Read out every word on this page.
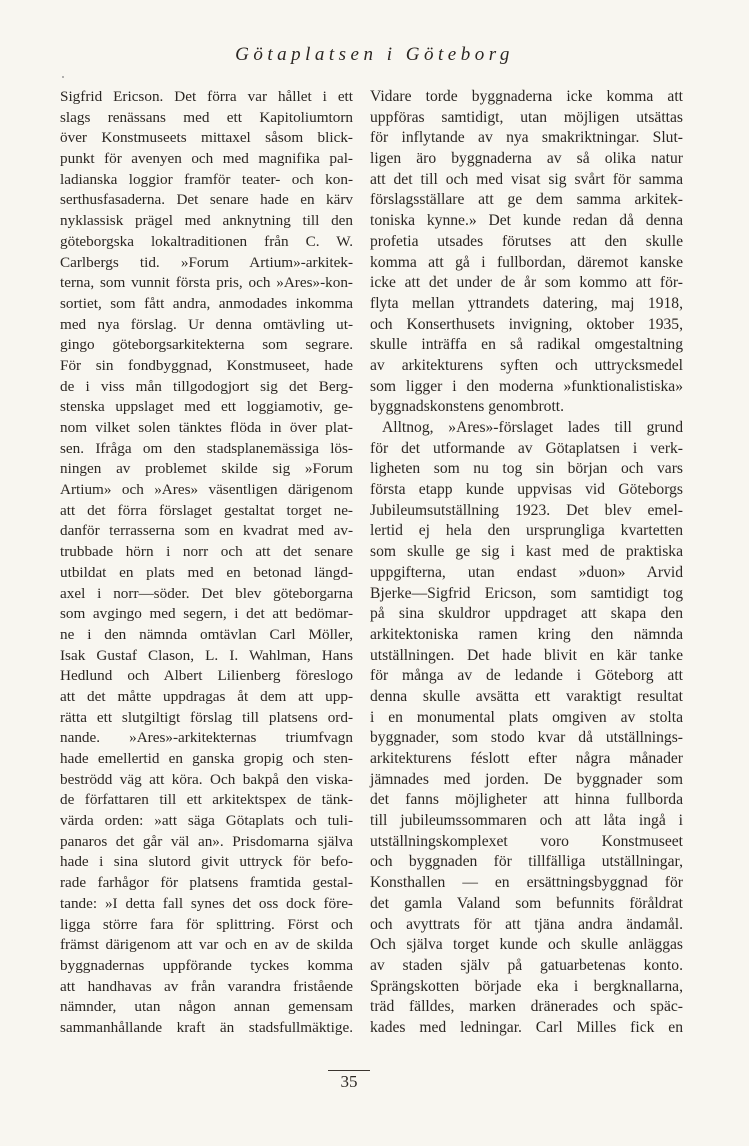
Götaplatsen i Göteborg
Sigfrid Ericson. Det förra var hållet i ett
slags renässans med ett Kapitoliumtorn
över Konstmuseets mittaxel såsom blick-
punkt för avenyen och med magnifika pal-
ladianska loggior framför teater- och kon-
serthusfasaderna. Det senare hade en kärv
nyklassisk prägel med anknytning till den
göteborgska lokaltraditionen från C. W.
Carlbergs tid. »Forum Artium»-arkitek-
terna, som vunnit första pris, och »Ares»-kon-
sortiet, som fått andra, anmodades inkomma
med nya förslag. Ur denna omtävling ut-
gingo göteborgsarkitekterna som segrare.
För sin fondbyggnad, Konstmuseet, hade
de i viss mån tillgodogjort sig det Berg-
stenska uppslaget med ett loggiamotiv, ge-
nom vilket solen tänktes flöda in över plat-
sen. Ifråga om den stadsplanemässiga lös-
ningen av problemet skilde sig »Forum
Artium» och »Ares» väsentligen därigenom
att det förra förslaget gestaltat torget ne-
danför terrasserna som en kvadrat med av-
trubbade hörn i norr och att det senare
utbildat en plats med en betonad längd-
axel i norr—söder. Det blev göteborgarna
som avgingo med segern, i det att bedömar-
ne i den nämnda omtävlan Carl Möller,
Isak Gustaf Clason, L. I. Wahlman, Hans
Hedlund och Albert Lilienberg föreslogo
att det måtte uppdragas åt dem att upp-
rätta ett slutgiltigt förslag till platsens ord-
nande. »Ares»-arkitekternas triumfvagn
hade emellertid en ganska gropig och sten-
beströdd väg att köra. Och bakpå den viska-
de författaren till ett arkitektspex de tänk-
värda orden: »att säga Götaplats och tuli-
panaros det går väl an». Prisdomarna själva
hade i sina slutord givit uttryck för befo-
rade farhågor för platsens framtida gestal-
tande: »I detta fall synes det oss dock före-
ligga större fara för splittring. Först och
främst därigenom att var och en av de skilda
byggnadernas uppförande tyckes komma
att handhavas av från varandra fristående
nämnder, utan någon annan gemensam
sammanhållande kraft än stadsfullmäktige.
Vidare torde byggnaderna icke komma att
uppföras samtidigt, utan möjligen utsättas
för inflytande av nya smakriktningar. Slut-
ligen äro byggnaderna av så olika natur
att det till och med visat sig svårt för samma
förslagsställare att ge dem samma arkitek-
toniska kynne.» Det kunde redan då denna
profetia utsades förutses att den skulle
komma att gå i fullbordan, däremot kanske
icke att det under de år som kommo att för-
flyta mellan yttrandets datering, maj 1918,
och Konserthusets invigning, oktober 1935,
skulle inträffa en så radikal omgestaltning
av arkitekturens syften och uttrycksmedel
som ligger i den moderna »funktionalistiska»
byggnadskonstens genombrott.
Alltnog, »Ares»-förslaget lades till grund
för det utformande av Götaplatsen i verk-
ligheten som nu tog sin början och vars
första etapp kunde uppvisas vid Göteborgs
Jubileumsutställning 1923. Det blev emel-
lertid ej hela den ursprungliga kvartetten
som skulle ge sig i kast med de praktiska
uppgifterna, utan endast »duon» Arvid
Bjerke—Sigfrid Ericson, som samtidigt tog
på sina skuldror uppdraget att skapa den
arkitektoniska ramen kring den nämnda
utställningen. Det hade blivit en kär tanke
för många av de ledande i Göteborg att
denna skulle avsätta ett varaktigt resultat
i en monumental plats omgiven av stolta
byggnader, som stodo kvar då utställnings-
arkitekturens féslott efter några månader
jämnades med jorden. De byggnader som
det fanns möjligheter att hinna fullborda
till jubileumssommaren och att låta ingå i
utställningskomplexet voro Konstmuseet
och byggnaden för tillfälliga utställningar,
Konsthallen — en ersättningsbyggnad för
det gamla Valand som befunnits föråldrat
och avyttrats för att tjäna andra ändamål.
Och själva torget kunde och skulle anläggas
av staden själv på gatuarbetenas konto.
Sprängskotten började eka i bergknallarna,
träd fälldes, marken dränerades och späc-
kades med ledningar. Carl Milles fick en
35
